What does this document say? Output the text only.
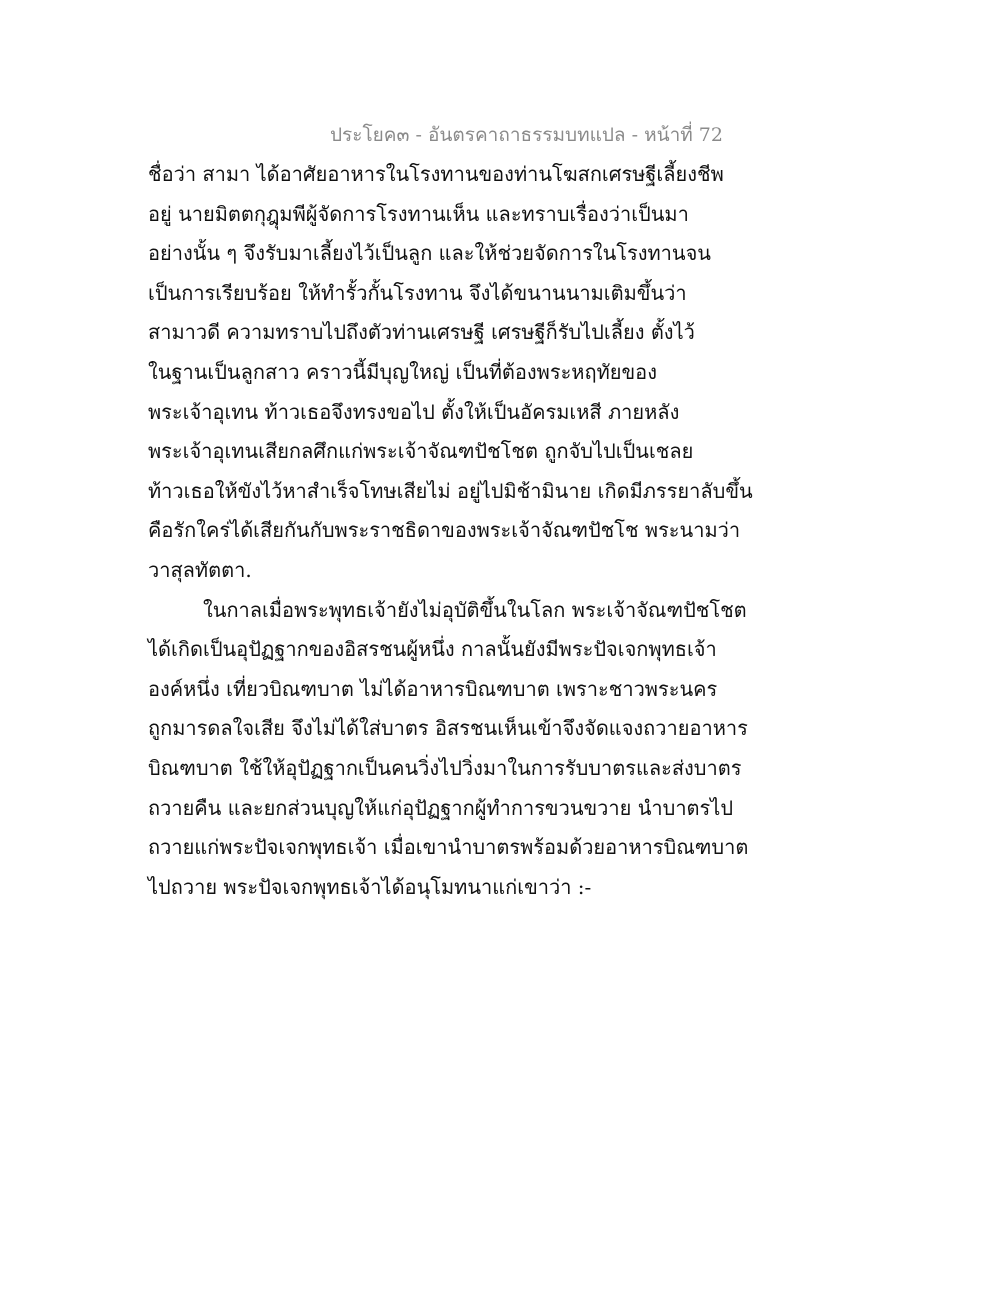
ประโยค๓ - อันตรคาถาธรรมบทแปล - หน้าที่ 72
ชื่อว่า สามา ได้อาศัยอาหารในโรงทานของท่านโฆสกเศรษฐีเลี้ยงชีพ
อยู่ นายมิตตกุฎุมพีผู้จัดการโรงทานเห็น และทราบเรื่องว่าเป็นมา
อย่างนั้น ๆ จึงรับมาเลี้ยงไว้เป็นลูก และให้ช่วยจัดการในโรงทานจน
เป็นการเรียบร้อย ให้ทำรั้วกั้นโรงทาน จึงได้ขนานนามเติมขึ้นว่า
สามาวดี ความทราบไปถึงตัวท่านเศรษฐี เศรษฐีก็รับไปเลี้ยง ตั้งไว้
ในฐานเป็นลูกสาว คราวนี้มีบุญใหญ่ เป็นที่ต้องพระหฤทัยของ
พระเจ้าอุเทน ท้าวเธอจึงทรงขอไป ตั้งให้เป็นอัครมเหสี ภายหลัง
พระเจ้าอุเทนเสียกลศึกแก่พระเจ้าจัณฑปัชโชต ถูกจับไปเป็นเชลย
ท้าวเธอให้ขังไว้หาสำเร็จโทษเสียไม่ อยู่ไปมิช้ามินาย เกิดมีภรรยาลับขึ้น
คือรักใคร่ได้เสียกันกับพระราชธิดาของพระเจ้าจัณฑปัชโช พระนามว่า
วาสุลทัตตา.
ในกาลเมื่อพระพุทธเจ้ายังไม่อุบัติขึ้นในโลก พระเจ้าจัณฑปัชโชต
ได้เกิดเป็นอุปัฏฐากของอิสรชนผู้หนึ่ง กาลนั้นยังมีพระปัจเจกพุทธเจ้า
องค์หนึ่ง เที่ยวบิณฑบาต ไม่ได้อาหารบิณฑบาต เพราะชาวพระนคร
ถูกมารดลใจเสีย จึงไม่ได้ใส่บาตร อิสรชนเห็นเข้าจึงจัดแจงถวายอาหาร
บิณฑบาต ใช้ให้อุปัฏฐากเป็นคนวิ่งไปวิ่งมาในการรับบาตรและส่งบาตร
ถวายคืน และยกส่วนบุญให้แก่อุปัฏฐากผู้ทำการขวนขวาย นำบาตรไป
ถวายแก่พระปัจเจกพุทธเจ้า เมื่อเขานำบาตรพร้อมด้วยอาหารบิณฑบาต
ไปถวาย พระปัจเจกพุทธเจ้าได้อนุโมทนาแก่เขาว่า :-
